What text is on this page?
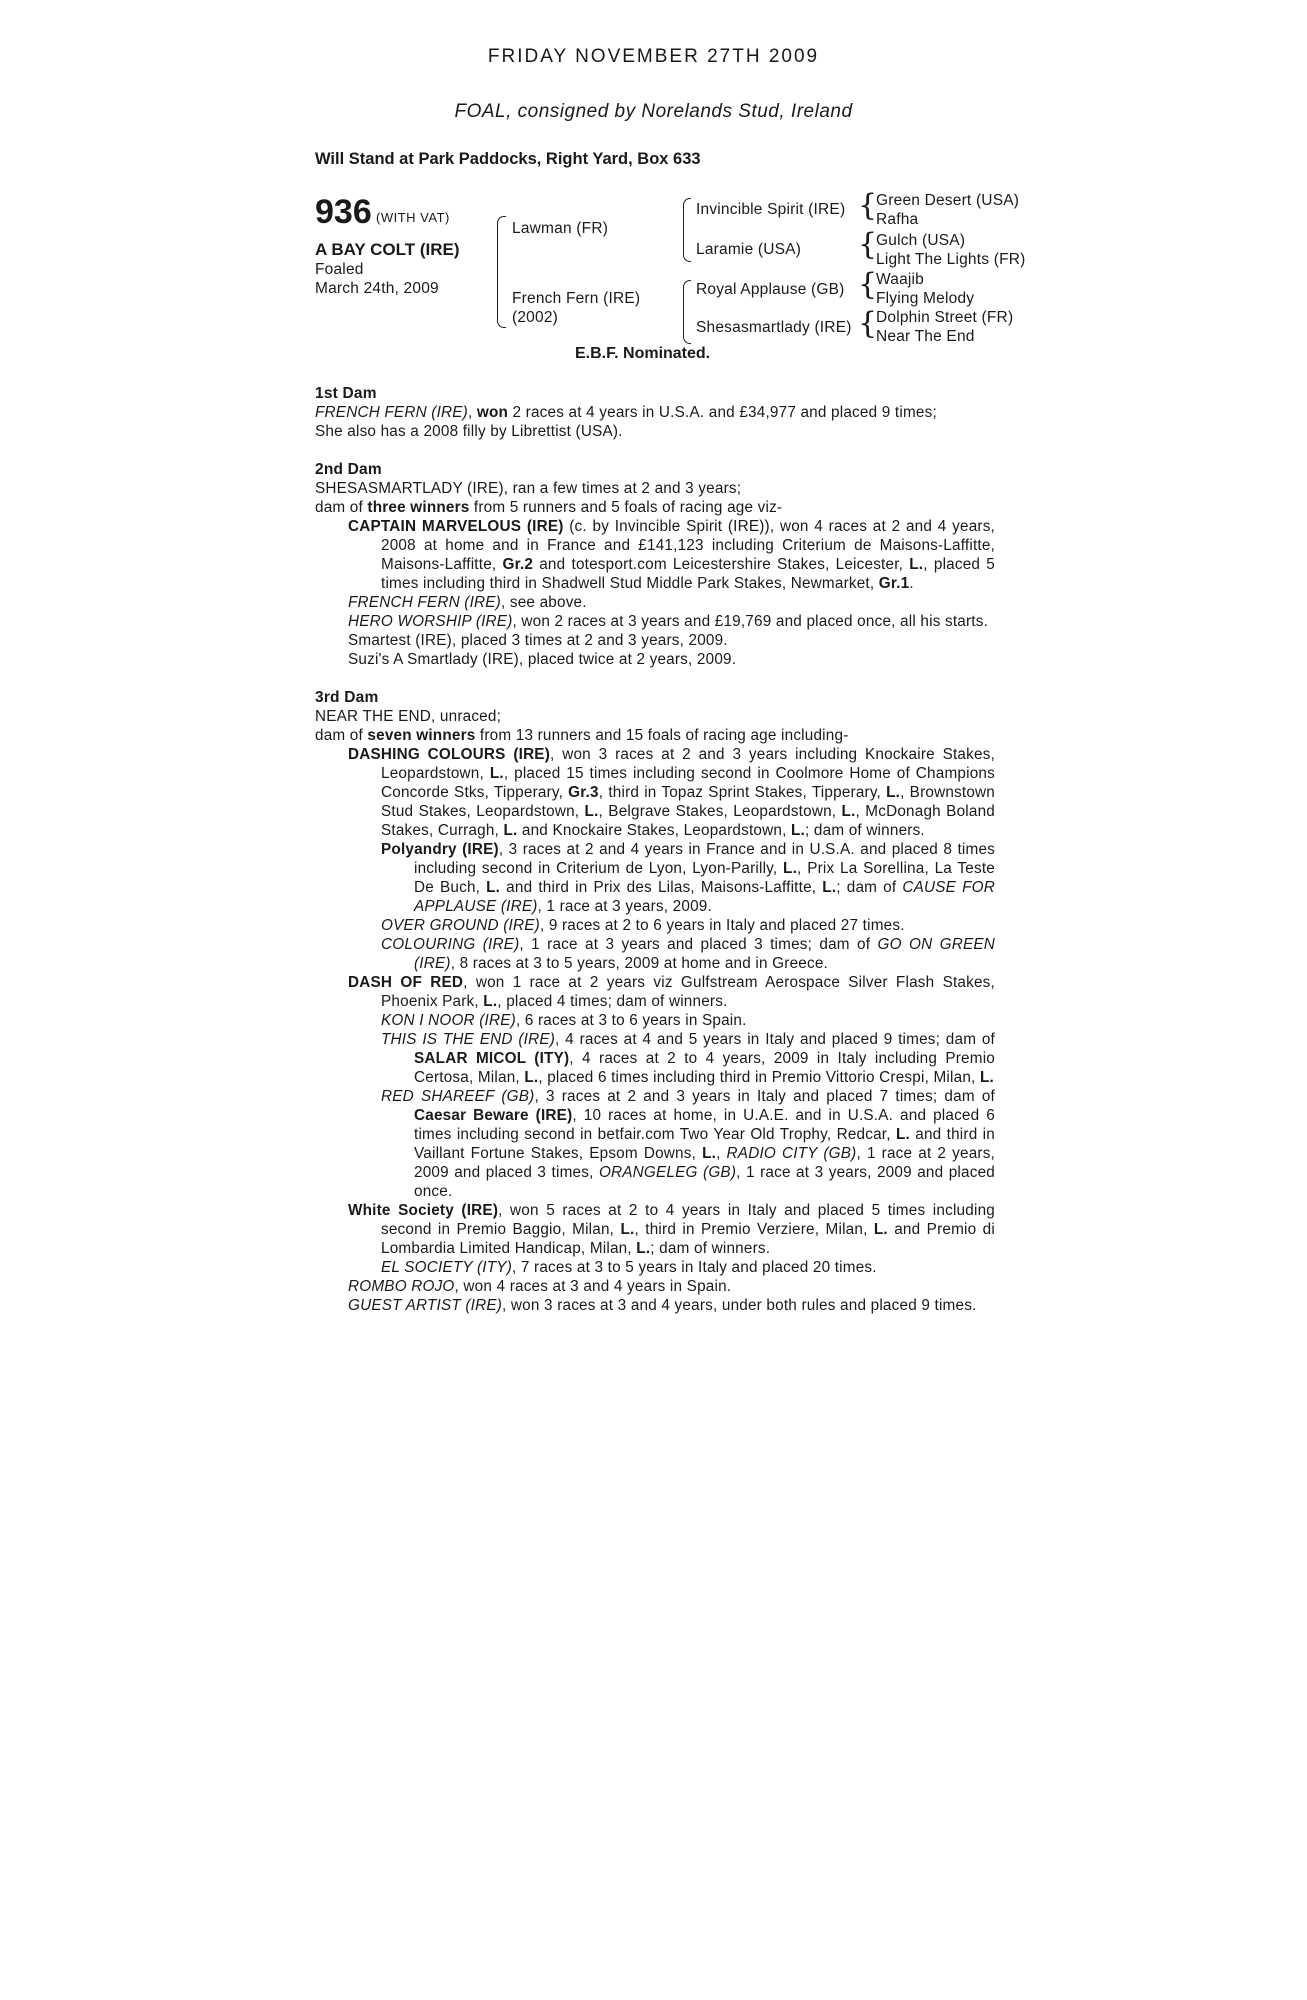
FRIDAY NOVEMBER 27TH 2009
FOAL, consigned by Norelands Stud, Ireland
Will Stand at Park Paddocks, Right Yard, Box 633
936 (WITH VAT)
A BAY COLT (IRE)
Foaled
March 24th, 2009
Lawman (FR)
French Fern (IRE)
(2002)
Invincible Spirit (IRE)
Laramie (USA)
Royal Applause (GB)
Shesasmartlady (IRE)
{
{
{
{
Green Desert (USA)
Rafha
Gulch (USA)
Light The Lights (FR)
Waajib
Flying Melody
Dolphin Street (FR)
Near The End
E.B.F. Nominated.
1st Dam
FRENCH FERN (IRE), won 2 races at 4 years in U.S.A. and £34,977 and placed 9 times;
She also has a 2008 filly by Librettist (USA).
2nd Dam
SHESASMARTLADY (IRE), ran a few times at 2 and 3 years;
dam of three winners from 5 runners and 5 foals of racing age viz-
CAPTAIN MARVELOUS (IRE) (c. by Invincible Spirit (IRE)), won 4 races at 2 and 4 years, 2008 at home and in France and £141,123 including Criterium de Maisons-Laffitte, Maisons-Laffitte, Gr.2 and totesport.com Leicestershire Stakes, Leicester, L., placed 5 times including third in Shadwell Stud Middle Park Stakes, Newmarket, Gr.1.
FRENCH FERN (IRE), see above.
HERO WORSHIP (IRE), won 2 races at 3 years and £19,769 and placed once, all his starts.
Smartest (IRE), placed 3 times at 2 and 3 years, 2009.
Suzi's A Smartlady (IRE), placed twice at 2 years, 2009.
3rd Dam
NEAR THE END, unraced;
dam of seven winners from 13 runners and 15 foals of racing age including-
DASHING COLOURS (IRE), won 3 races at 2 and 3 years including Knockaire Stakes, Leopardstown, L., placed 15 times including second in Coolmore Home of Champions Concorde Stks, Tipperary, Gr.3, third in Topaz Sprint Stakes, Tipperary, L., Brownstown Stud Stakes, Leopardstown, L., Belgrave Stakes, Leopardstown, L., McDonagh Boland Stakes, Curragh, L. and Knockaire Stakes, Leopardstown, L.; dam of winners.
Polyandry (IRE), 3 races at 2 and 4 years in France and in U.S.A. and placed 8 times including second in Criterium de Lyon, Lyon-Parilly, L., Prix La Sorellina, La Teste De Buch, L. and third in Prix des Lilas, Maisons-Laffitte, L.; dam of CAUSE FOR APPLAUSE (IRE), 1 race at 3 years, 2009.
OVER GROUND (IRE), 9 races at 2 to 6 years in Italy and placed 27 times.
COLOURING (IRE), 1 race at 3 years and placed 3 times; dam of GO ON GREEN (IRE), 8 races at 3 to 5 years, 2009 at home and in Greece.
DASH OF RED, won 1 race at 2 years viz Gulfstream Aerospace Silver Flash Stakes, Phoenix Park, L., placed 4 times; dam of winners.
KON I NOOR (IRE), 6 races at 3 to 6 years in Spain.
THIS IS THE END (IRE), 4 races at 4 and 5 years in Italy and placed 9 times; dam of SALAR MICOL (ITY), 4 races at 2 to 4 years, 2009 in Italy including Premio Certosa, Milan, L., placed 6 times including third in Premio Vittorio Crespi, Milan, L.
RED SHAREEF (GB), 3 races at 2 and 3 years in Italy and placed 7 times; dam of Caesar Beware (IRE), 10 races at home, in U.A.E. and in U.S.A. and placed 6 times including second in betfair.com Two Year Old Trophy, Redcar, L. and third in Vaillant Fortune Stakes, Epsom Downs, L., RADIO CITY (GB), 1 race at 2 years, 2009 and placed 3 times, ORANGELEG (GB), 1 race at 3 years, 2009 and placed once.
White Society (IRE), won 5 races at 2 to 4 years in Italy and placed 5 times including second in Premio Baggio, Milan, L., third in Premio Verziere, Milan, L. and Premio di Lombardia Limited Handicap, Milan, L.; dam of winners.
EL SOCIETY (ITY), 7 races at 3 to 5 years in Italy and placed 20 times.
ROMBO ROJO, won 4 races at 3 and 4 years in Spain.
GUEST ARTIST (IRE), won 3 races at 3 and 4 years, under both rules and placed 9 times.
